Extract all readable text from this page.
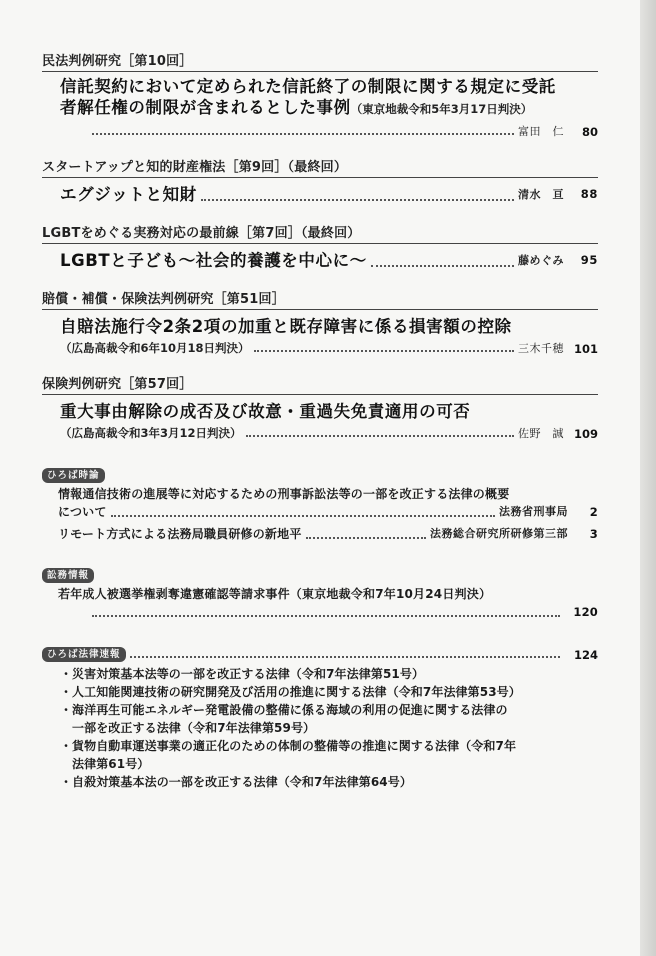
民法判例研究［第10回］
信託契約において定められた信託終了の制限に関する規定に受託
者解任権の制限が含まれるとした事例（東京地裁令和5年3月17日判決）
富田　仁	80
スタートアップと知的財産権法［第9回］（最終回）
エグジットと知財	清水　亘	88
LGBTをめぐる実務対応の最前線［第7回］（最終回）
LGBTと子ども～社会的養護を中心に～	藤めぐみ	95
賠償・補償・保険法判例研究［第51回］
自賠法施行令2条2項の加重と既存障害に係る損害額の控除
（広島高裁令和6年10月18日判決）	三木千穂 101
保険判例研究［第57回］
重大事由解除の成否及び故意・重過失免責適用の可否
（広島高裁令和3年3月12日判決）	佐野　誠 109
ひろば時論
情報通信技術の進展等に対応するための刑事訴訟法等の一部を改正する法律の概要
について	法務省刑事局	2
リモート方式による法務局職員研修の新地平	法務総合研究所研修第三部	3
訟務情報
若年成人被選挙権剥奪違憲確認等請求事件（東京地裁令和7年10月24日判決）
120
ひろば法律速報	124
・ 災害対策基本法等の一部を改正する法律（令和7年法律第51号）
・ 人工知能関連技術の研究開発及び活用の推進に関する法律（令和7年法律第53号）
・ 海洋再生可能エネルギー発電設備の整備に係る海域の利用の促進に関する法律の
一部を改正する法律（令和7年法律第59号）
・ 貨物自動車運送事業の適正化のための体制の整備等の推進に関する法律（令和7年
法律第61号）
・ 自殺対策基本法の一部を改正する法律（令和7年法律第64号）
